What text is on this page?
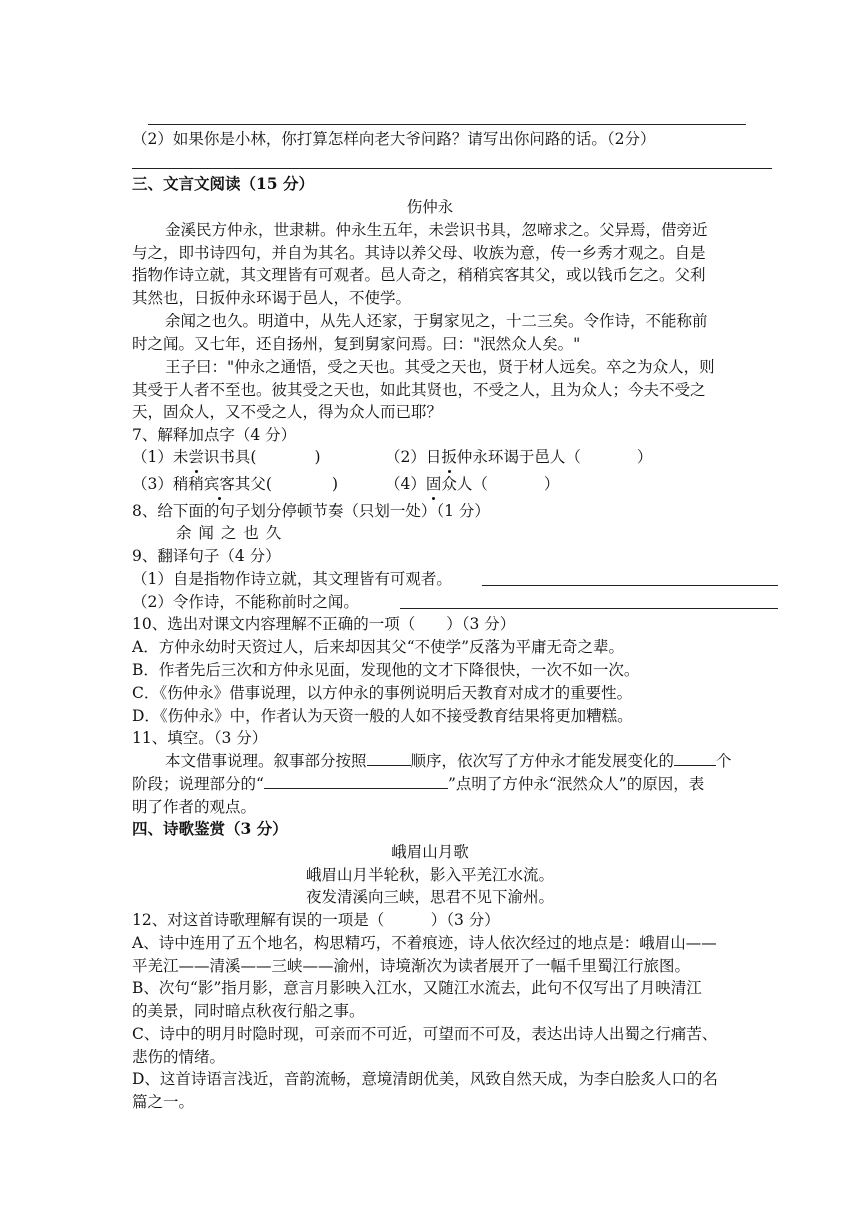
（2）如果你是小林，你打算怎样向老大爷问路？请写出你问路的话。（2分）
三、文言文阅读（15 分）
伤仲永
金溪民方仲永，世隶耕。仲永生五年，未尝识书具，忽啼求之。父异焉，借旁近
与之，即书诗四句，并自为其名。其诗以养父母、收族为意，传一乡秀才观之。自是
指物作诗立就，其文理皆有可观者。邑人奇之，稍稍宾客其父，或以钱币乞之。父利
其然也，日扳仲永环谒于邑人，不使学。
余闻之也久。明道中，从先人还家，于舅家见之，十二三矣。令作诗，不能称前
时之闻。又七年，还自扬州，复到舅家问焉。曰："泯然众人矣。"
王子曰："仲永之通悟，受之天也。其受之天也，贤于材人远矣。卒之为众人，则
其受于人者不至也。彼其受之天也，如此其贤也，不受之人，且为众人；今夫不受之
天，固众人，又不受之人，得为众人而已耶？
7、解释加点字（4 分）
（1）未尝识书具(	)	（2）日扳仲永环谒于邑人（	）
（3）稍稍宾客其父(	)	（4）固众人（	）
8、给下面的句子划分停顿节奏（只划一处）（1 分）
余 闻 之 也 久
9、翻译句子（4 分）
（1）自是指物作诗立就，其文理皆有可观者。
（2）令作诗，不能称前时之闻。
10、选出对课文内容理解不正确的一项（　　）（3 分）
A．方仲永幼时天资过人，后来却因其父“不使学”反落为平庸无奇之辈。
B．作者先后三次和方仲永见面，发现他的文才下降很快，一次不如一次。
C．《伤仲永》借事说理，以方仲永的事例说明后天教育对成才的重要性。
D．《伤仲永》中，作者认为天资一般的人如不接受教育结果将更加糟糕。
11、填空。（3 分）
本文借事说理。叙事部分按照	顺序，依次写了方仲永才能发展变化的	个
阶段；说理部分的“	”点明了方仲永“泯然众人”的原因，表
明了作者的观点。
四、诗歌鉴赏（3 分）
峨眉山月歌
峨眉山月半轮秋，影入平羌江水流。
夜发清溪向三峡，思君不见下渝州。
12、对这首诗歌理解有误的一项是（　　　）（3 分）
A、诗中连用了五个地名，构思精巧，不着痕迹，诗人依次经过的地点是：峨眉山——
平羌江——清溪——三峡——渝州，诗境渐次为读者展开了一幅千里蜀江行旅图。
B、次句“影”指月影，意言月影映入江水，又随江水流去，此句不仅写出了月映清江
的美景，同时暗点秋夜行船之事。
C、诗中的明月时隐时现，可亲而不可近，可望而不可及，表达出诗人出蜀之行痛苦、
悲伤的情绪。
D、这首诗语言浅近，音韵流畅，意境清朗优美，风致自然天成，为李白脍炙人口的名
篇之一。
